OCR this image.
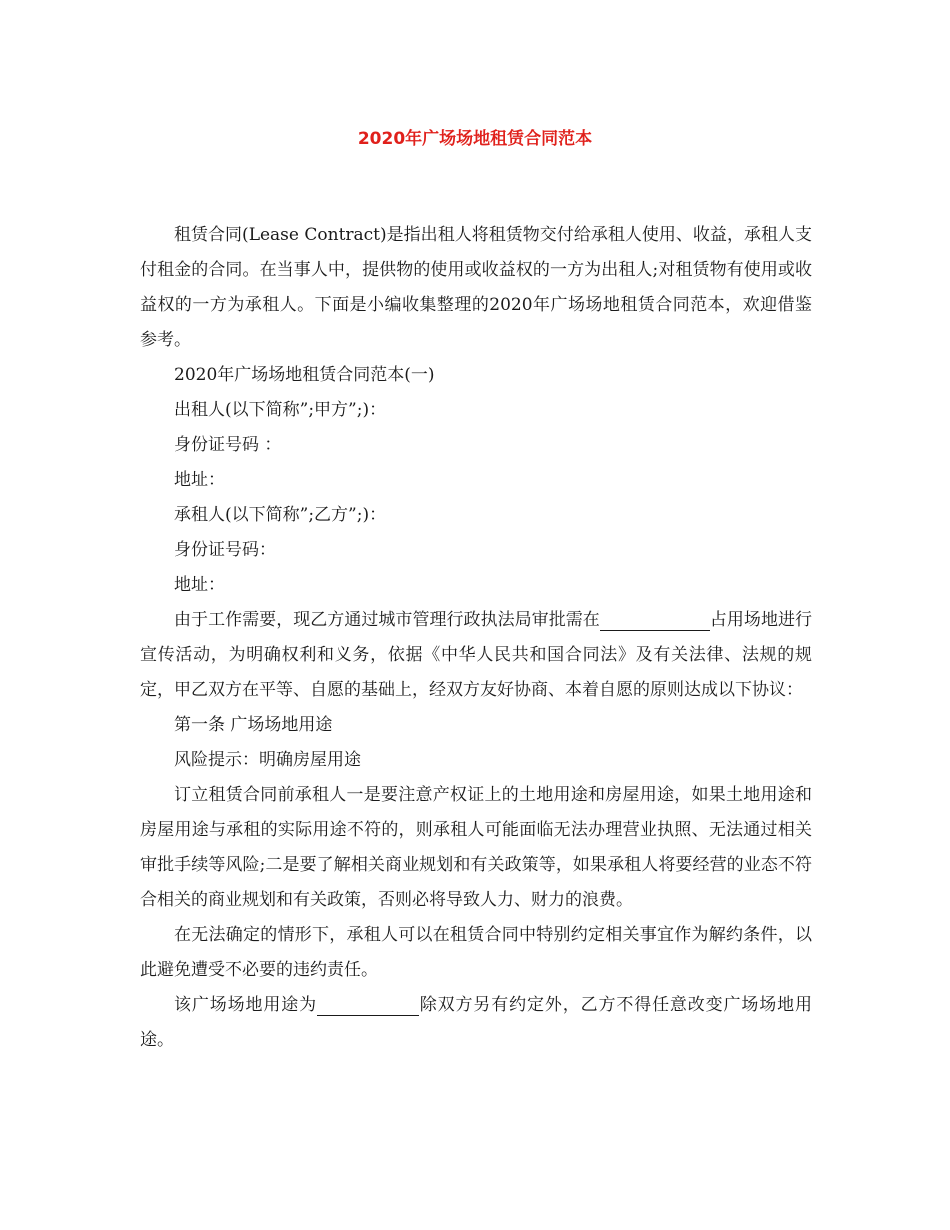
2020年广场场地租赁合同范本

租赁合同(Lease Contract)是指出租人将租赁物交付给承租人使用、收益，承租人支付租金的合同。在当事人中，提供物的使用或收益权的一方为出租人;对租赁物有使用或收益权的一方为承租人。下面是小编收集整理的2020年广场场地租赁合同范本，欢迎借鉴参考。

2020年广场场地租赁合同范本(一)

出租人(以下简称”;甲方”;)：

身份证号码 ：

地址：

承租人(以下简称”;乙方”;)：

身份证号码：

地址：

由于工作需要，现乙方通过城市管理行政执法局审批需在	占用场地进行宣传活动，为明确权利和义务，依据《中华人民共和国合同法》及有关法律、法规的规定，甲乙双方在平等、自愿的基础上，经双方友好协商、本着自愿的原则达成以下协议：

第一条 广场场地用途

风险提示：明确房屋用途

订立租赁合同前承租人一是要注意产权证上的土地用途和房屋用途，如果土地用途和房屋用途与承租的实际用途不符的，则承租人可能面临无法办理营业执照、无法通过相关审批手续等风险;二是要了解相关商业规划和有关政策等，如果承租人将要经营的业态不符合相关的商业规划和有关政策，否则必将导致人力、财力的浪费。

在无法确定的情形下，承租人可以在租赁合同中特别约定相关事宜作为解约条件，以此避免遭受不必要的违约责任。

该广场场地用途为	除双方另有约定外，乙方不得任意改变广场场地用途。
